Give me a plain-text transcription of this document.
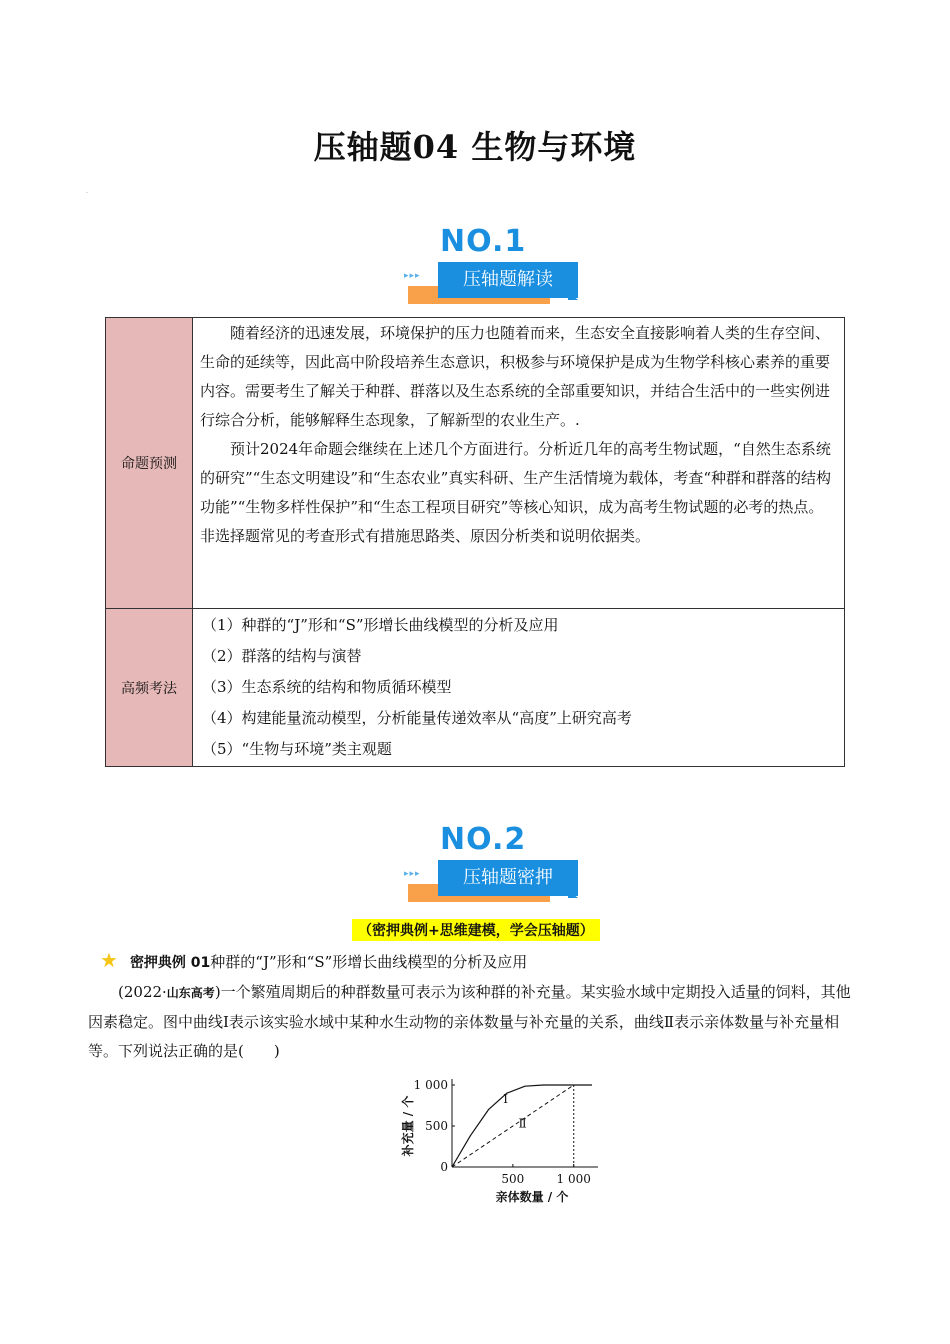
压轴题04 生物与环境
·
NO.1
▸▸▸	压轴题解读
命题预测	随着经济的迅速发展，环境保护的压力也随着而来，生态安全直接影响着人类的生存空间、生命的延续等，因此高中阶段培养生态意识，积极参与环境保护是成为生物学科核心素养的重要内容。需要考生了解关于种群、群落以及生态系统的全部重要知识，并结合生活中的一些实例进行综合分析，能够解释生态现象，了解新型的农业生产。.

预计2024年命题会继续在上述几个方面进行。分析近几年的高考生物试题，“自然生态系统的研究”“生态文明建设”和“生态农业”真实科研、生产生活情境为载体，考查“种群和群落的结构功能”“生物多样性保护”和“生态工程项目研究”等核心知识，成为高考生物试题的必考的热点。非选择题常见的考查形式有措施思路类、原因分析类和说明依据类。

高频考法	（1）种群的“J”形和“S”形增长曲线模型的分析及应用
（2）群落的结构与演替
（3）生态系统的结构和物质循环模型
（4）构建能量流动模型，分析能量传递效率从“高度”上研究高考
（5）“生物与环境”类主观题
NO.2
▸▸▸	压轴题密押
（密押典例+思维建模，学会压轴题）
★ 密押典例 01种群的“J”形和“S”形增长曲线模型的分析及应用
(2022·山东高考)一个繁殖周期后的种群数量可表示为该种群的补充量。某实验水域中定期投入适量的饲料，其他因素稳定。图中曲线Ⅰ表示该实验水域中某种水生动物的亲体数量与补充量的关系，曲线Ⅱ表示亲体数量与补充量相等。下列说法正确的是(　　)
500	1 000
0
500
1 000
Ⅰ
Ⅱ
亲体数量 / 个
补充量 / 个
